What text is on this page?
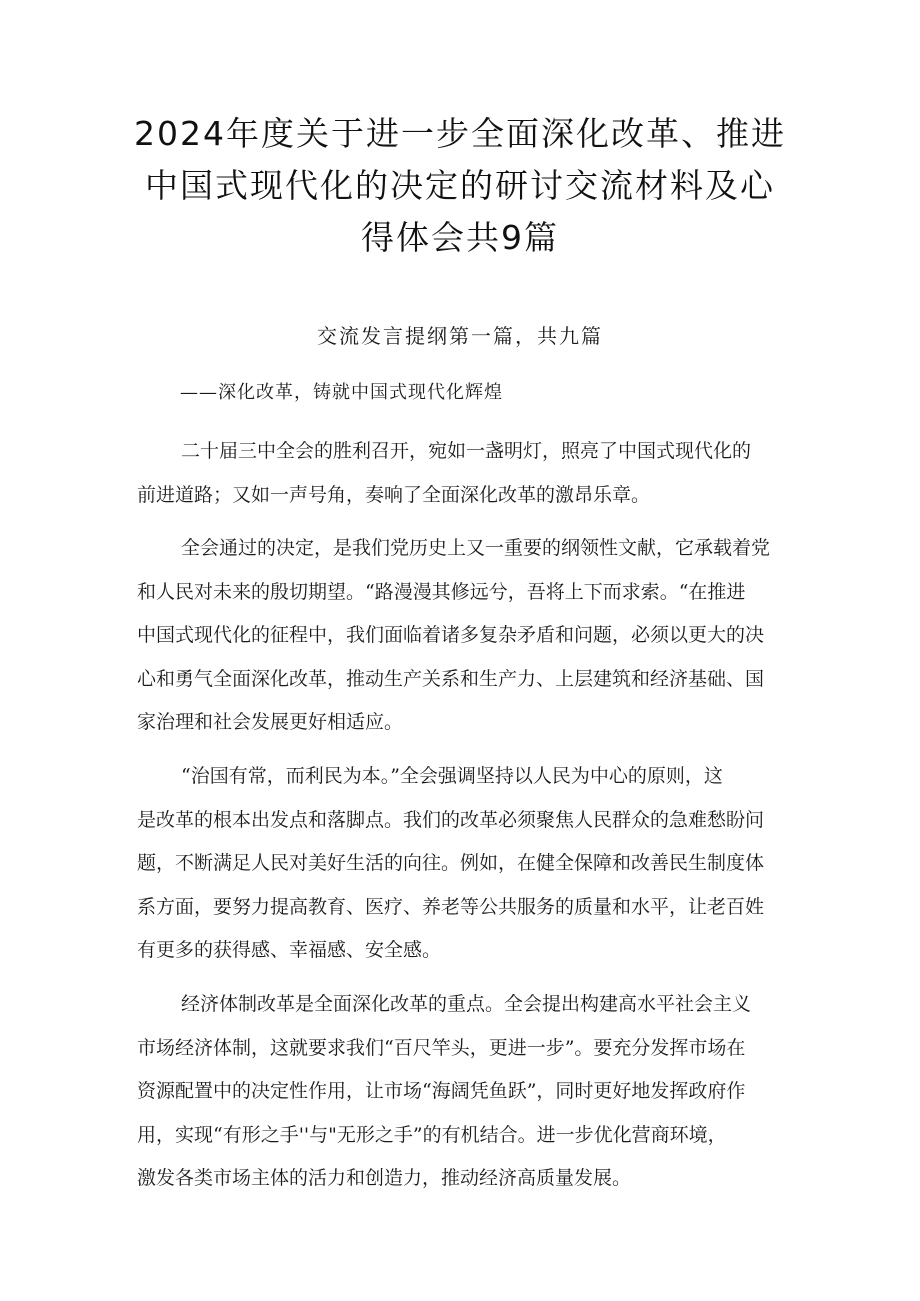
2024年度关于进一步全面深化改革、推进
中国式现代化的决定的研讨交流材料及心
得体会共9篇

交流发言提纲第一篇，共九篇

——深化改革，铸就中国式现代化辉煌

二十届三中全会的胜利召开，宛如一盏明灯，照亮了中国式现代化的
前进道路；又如一声号角，奏响了全面深化改革的激昂乐章。
全会通过的决定，是我们党历史上又一重要的纲领性文献，它承载着党
和人民对未来的殷切期望。“路漫漫其修远兮，吾将上下而求索。“在推进
中国式现代化的征程中，我们面临着诸多复杂矛盾和问题，必须以更大的决
心和勇气全面深化改革，推动生产关系和生产力、上层建筑和经济基础、国
家治理和社会发展更好相适应。
“治国有常，而利民为本。”全会强调坚持以人民为中心的原则，这
是改革的根本出发点和落脚点。我们的改革必须聚焦人民群众的急难愁盼问
题，不断满足人民对美好生活的向往。例如，在健全保障和改善民生制度体
系方面，要努力提高教育、医疗、养老等公共服务的质量和水平，让老百姓
有更多的获得感、幸福感、安全感。
经济体制改革是全面深化改革的重点。全会提出构建高水平社会主义
市场经济体制，这就要求我们“百尺竿头，更进一步”。要充分发挥市场在
资源配置中的决定性作用，让市场“海阔凭鱼跃”，同时更好地发挥政府作
用，实现“有形之手''与"无形之手”的有机结合。进一步优化营商环境，
激发各类市场主体的活力和创造力，推动经济高质量发展。
